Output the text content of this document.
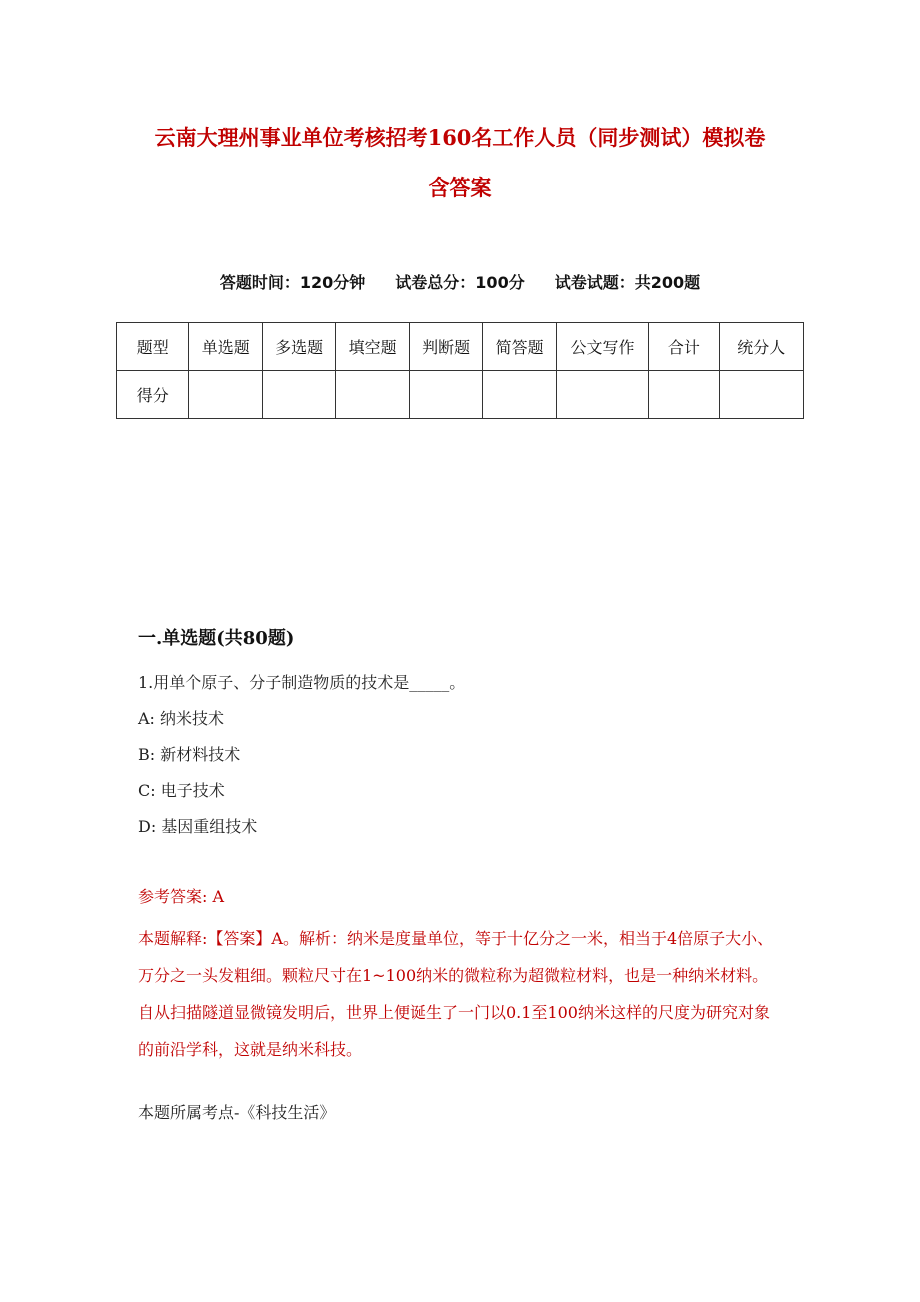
云南大理州事业单位考核招考160名工作人员（同步测试）模拟卷
含答案
答题时间：120分钟 试卷总分：100分 试卷试题：共200题
题型	单选题	多选题	填空题	判断题	简答题	公文写作	合计	统分人
得分								
一.单选题(共80题)
1.用单个原子、分子制造物质的技术是_____。
A: 纳米技术
B: 新材料技术
C: 电子技术
D: 基因重组技术
参考答案: A
本题解释:【答案】A。解析：纳米是度量单位，等于十亿分之一米，相当于4倍原子大小、万分之一头发粗细。颗粒尺寸在1~100纳米的微粒称为超微粒材料，也是一种纳米材料。自从扫描隧道显微镜发明后，世界上便诞生了一门以0.1至100纳米这样的尺度为研究对象的前沿学科，这就是纳米科技。
本题所属考点-《科技生活》
